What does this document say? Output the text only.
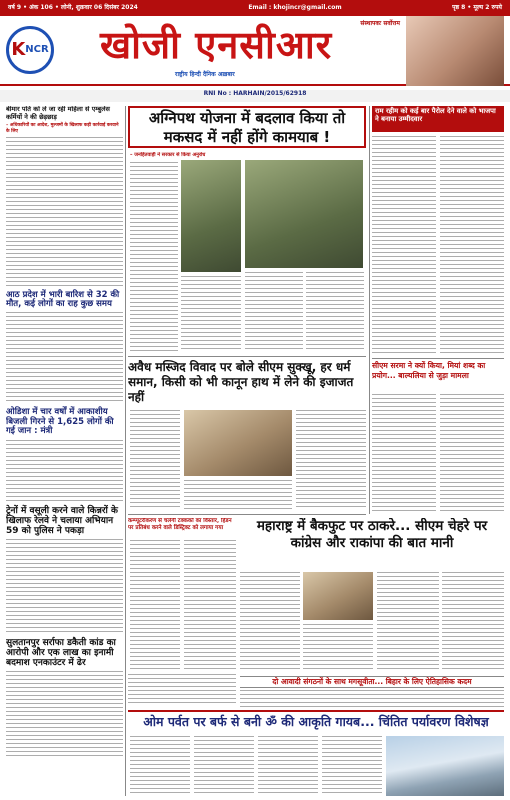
वर्ष 9 • अंक 106 • लोनी, शुक्रवार 06 दिसंबर 2024	Email : khojincr@gmail.com	पृष्ठ 8 • मूल्य 2 रुपये
K NCR खोजी एनसीआर
राष्ट्रीय हिन्दी दैनिक अख़बार
संस्थापकः सर्वोत्तम
RNI No : HARHAIN/2015/62918
बीमार पति को ले जा रही महिला से एम्बुलेंस कर्मियों ने की छेड़छाड़
– अधिकारियों का आदेश, मुल्जमों के खिलाफ कड़ी कार्रवाई करवाने के लिए
आठ प्रदेश में भारी बारिश से 32 की मौत, कई लोगों का राह कुछ समय
ओडिशा में चार वर्षों में आकाशीय बिजली गिरने से 1,625 लोगों की गई जान : मंत्री
ट्रेनों में वसूली करने वाले किन्नरों के खिलाफ रेलवे ने चलाया अभियान 59 को पुलिस ने पकड़ा
सुलतानपुर सर्राफा डकैती कांड का आरोपी और एक लाख का इनामी बदमाश एनकाउंटर में ढेर
अग्निपथ योजना में बदलाव किया तो मकसद में नहीं होंगे कामयाब !
– जनहितवाही ने सरकार से किया अनुरोध
अवैध मस्जिद विवाद पर बोले सीएम सुक्खू, हर धर्म समान, किसी को भी कानून हाथ में लेने की इजाजत नहीं
कम्प्यूटरीकरण से चलेगी टक्ककों का विस्तार, हिंडन पर प्रतिबंध करने वाले डिस्ट्रिक्ट को लगाया गया	महाराष्ट्र में बैकफुट पर ठाकरे... सीएम चेहरे पर कांग्रेस और राकांपा की बात मानी
दो आवादी संगठनों के साथ मगसूवीता... बिहार के लिए ऐतिहासिक कदम
ओम पर्वत पर बर्फ से बनी ॐ की आकृति गायब... चिंतित पर्यावरण विशेषज्ञ
राम रहीम को कई बार पैरोल देने वाले को भाजपा ने बनाया उम्मीदवार
सीएम सरमा ने क्यों किया, मियां शब्द का प्रयोग... बाल्यलिया से जुड़ा मामला
